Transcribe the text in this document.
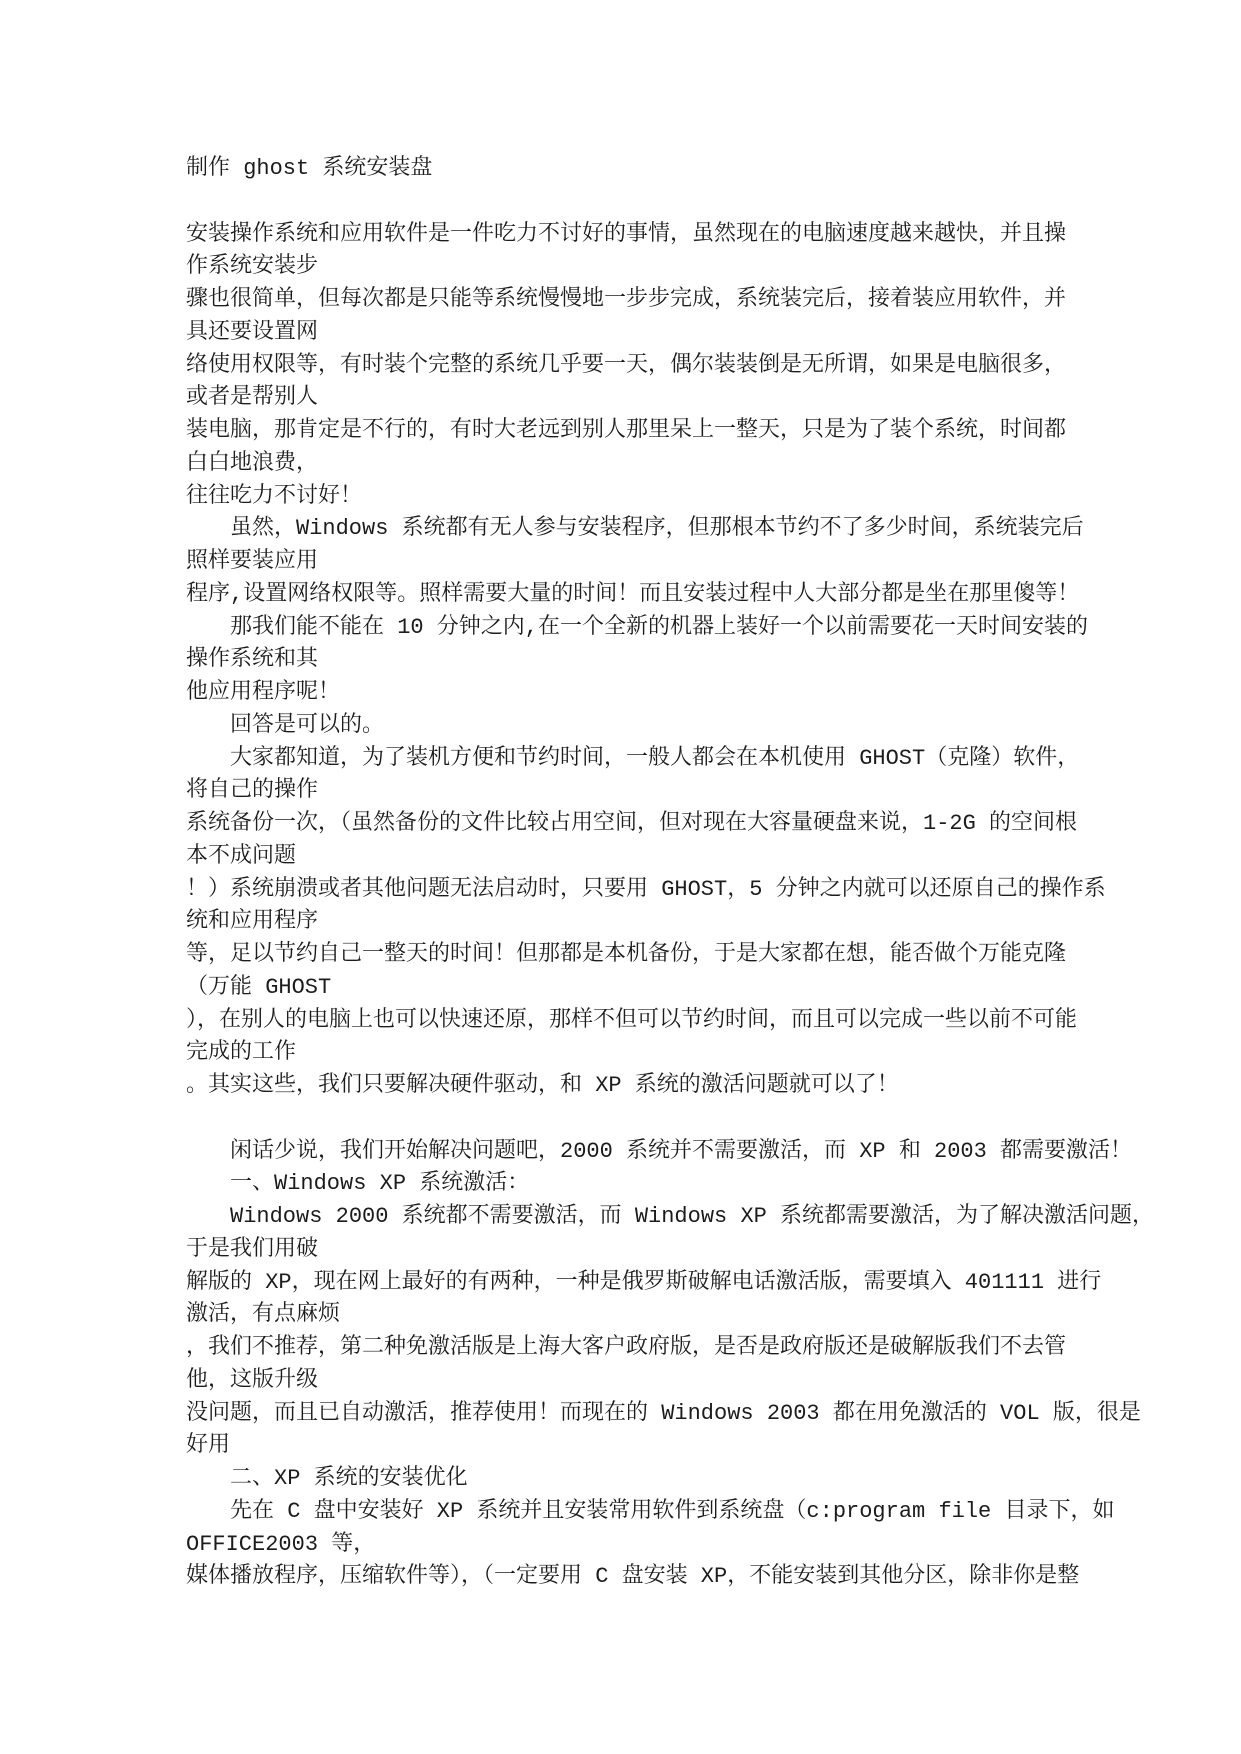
制作 ghost 系统安装盘
安装操作系统和应用软件是一件吃力不讨好的事情，虽然现在的电脑速度越来越快，并且操
作系统安装步
骤也很简单，但每次都是只能等系统慢慢地一步步完成，系统装完后，接着装应用软件，并
具还要设置网
络使用权限等，有时装个完整的系统几乎要一天，偶尔装装倒是无所谓，如果是电脑很多，
或者是帮别人
装电脑，那肯定是不行的，有时大老远到别人那里呆上一整天，只是为了装个系统，时间都
白白地浪费，
往往吃力不讨好！
虽然，Windows 系统都有无人参与安装程序，但那根本节约不了多少时间，系统装完后
照样要装应用
程序,设置网络权限等。照样需要大量的时间！而且安装过程中人大部分都是坐在那里傻等！
那我们能不能在 10 分钟之内,在一个全新的机器上装好一个以前需要花一天时间安装的
操作系统和其
他应用程序呢！
回答是可以的。
大家都知道，为了装机方便和节约时间，一般人都会在本机使用 GHOST（克隆）软件，
将自己的操作
系统备份一次，（虽然备份的文件比较占用空间，但对现在大容量硬盘来说，1-2G 的空间根
本不成问题
！）系统崩溃或者其他问题无法启动时，只要用 GHOST，5 分钟之内就可以还原自己的操作系
统和应用程序
等，足以节约自己一整天的时间！但那都是本机备份，于是大家都在想，能否做个万能克隆
（万能 GHOST
），在别人的电脑上也可以快速还原，那样不但可以节约时间，而且可以完成一些以前不可能
完成的工作
。其实这些，我们只要解决硬件驱动，和 XP 系统的激活问题就可以了！
闲话少说，我们开始解决问题吧，2000 系统并不需要激活，而 XP 和 2003 都需要激活！
一、Windows XP 系统激活：
Windows 2000 系统都不需要激活，而 Windows XP 系统都需要激活，为了解决激活问题，
于是我们用破
解版的 XP，现在网上最好的有两种，一种是俄罗斯破解电话激活版，需要填入 401111 进行
激活，有点麻烦
，我们不推荐，第二种免激活版是上海大客户政府版，是否是政府版还是破解版我们不去管
他，这版升级
没问题，而且已自动激活，推荐使用！而现在的 Windows 2003 都在用免激活的 VOL 版，很是
好用
二、XP 系统的安装优化
先在 C 盘中安装好 XP 系统并且安装常用软件到系统盘（c:program file 目录下，如
OFFICE2003 等，
媒体播放程序，压缩软件等），（一定要用 C 盘安装 XP，不能安装到其他分区，除非你是整
